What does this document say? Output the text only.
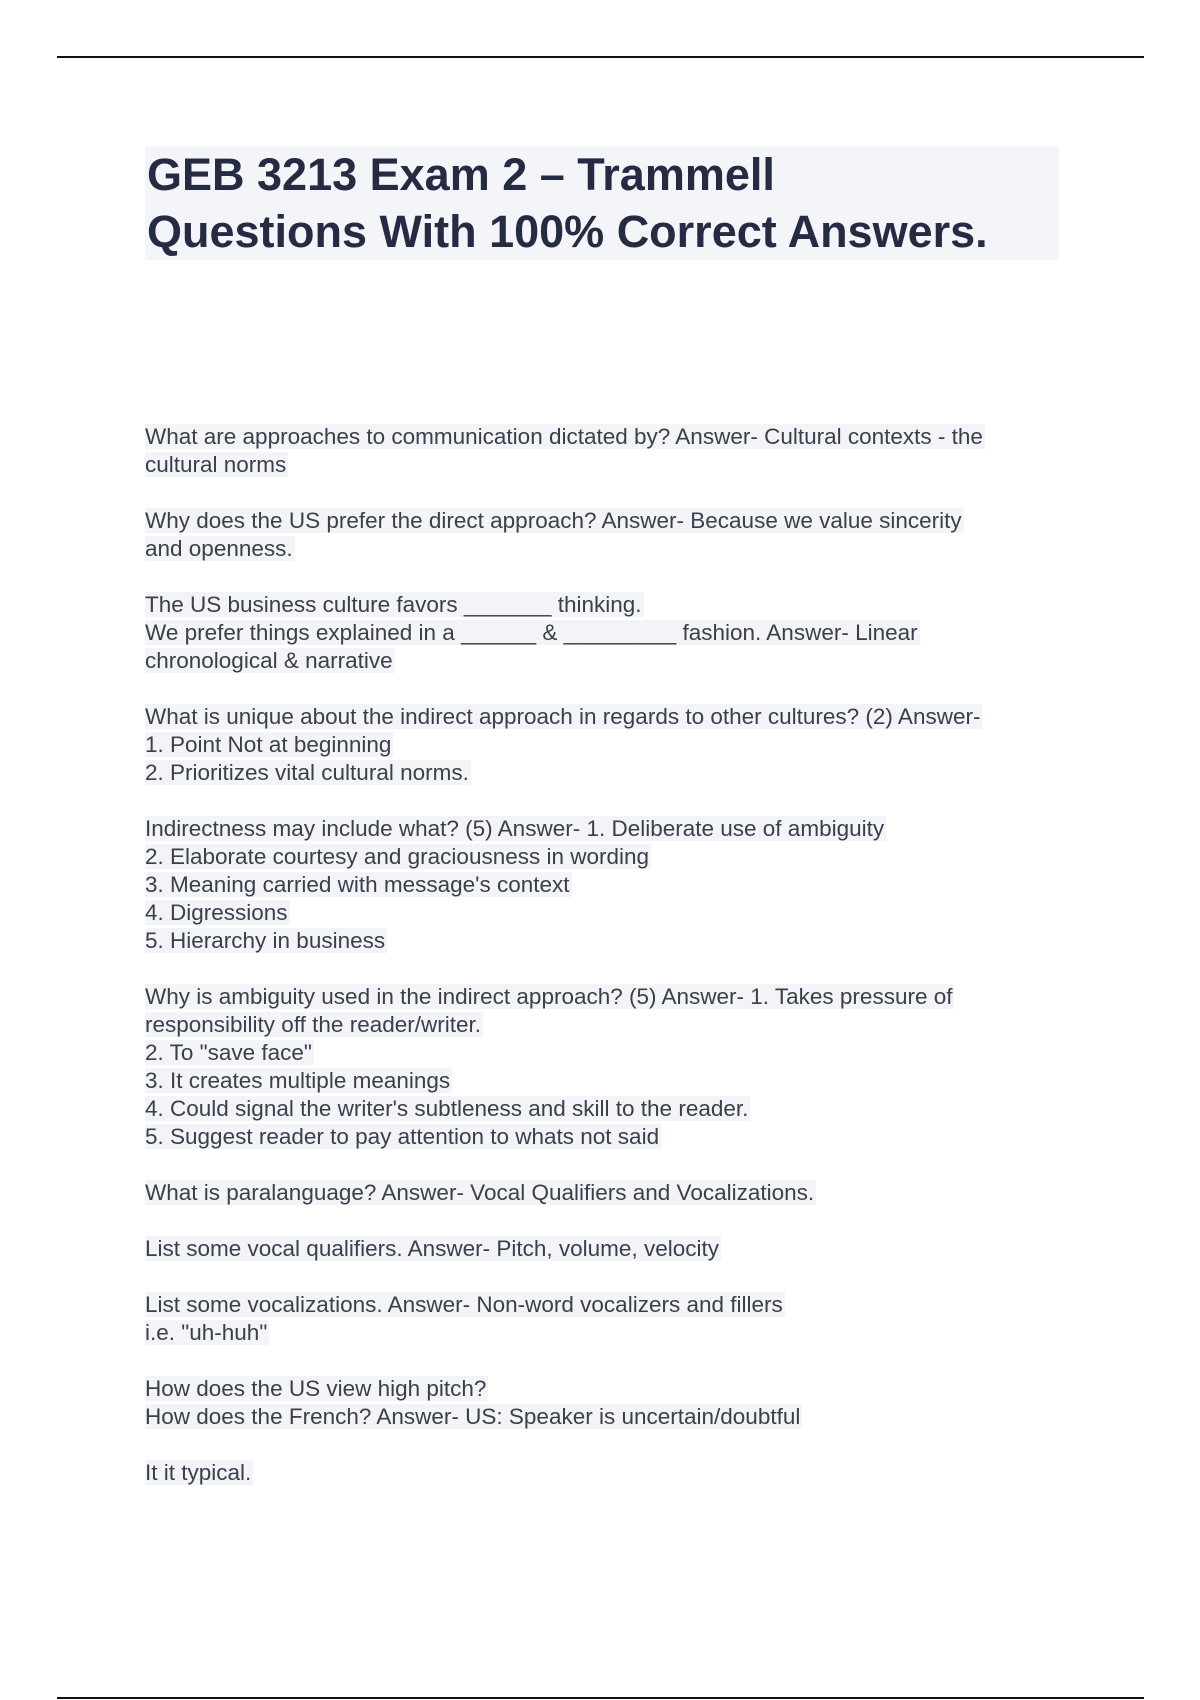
GEB 3213 Exam 2 – Trammell
Questions With 100% Correct Answers.
What are approaches to communication dictated by? Answer- Cultural contexts - the
cultural norms
Why does the US prefer the direct approach? Answer- Because we value sincerity
and openness.
The US business culture favors _______ thinking.
We prefer things explained in a ______ & _________ fashion. Answer- Linear
chronological & narrative
What is unique about the indirect approach in regards to other cultures? (2) Answer-
1. Point Not at beginning
2. Prioritizes vital cultural norms.
Indirectness may include what? (5) Answer- 1. Deliberate use of ambiguity
2. Elaborate courtesy and graciousness in wording
3. Meaning carried with message's context
4. Digressions
5. Hierarchy in business
Why is ambiguity used in the indirect approach? (5) Answer- 1. Takes pressure of
responsibility off the reader/writer.
2. To "save face"
3. It creates multiple meanings
4. Could signal the writer's subtleness and skill to the reader.
5. Suggest reader to pay attention to whats not said
What is paralanguage? Answer- Vocal Qualifiers and Vocalizations.
List some vocal qualifiers. Answer- Pitch, volume, velocity
List some vocalizations. Answer- Non-word vocalizers and fillers
i.e. "uh-huh"
How does the US view high pitch?
How does the French? Answer- US: Speaker is uncertain/doubtful
It it typical.
